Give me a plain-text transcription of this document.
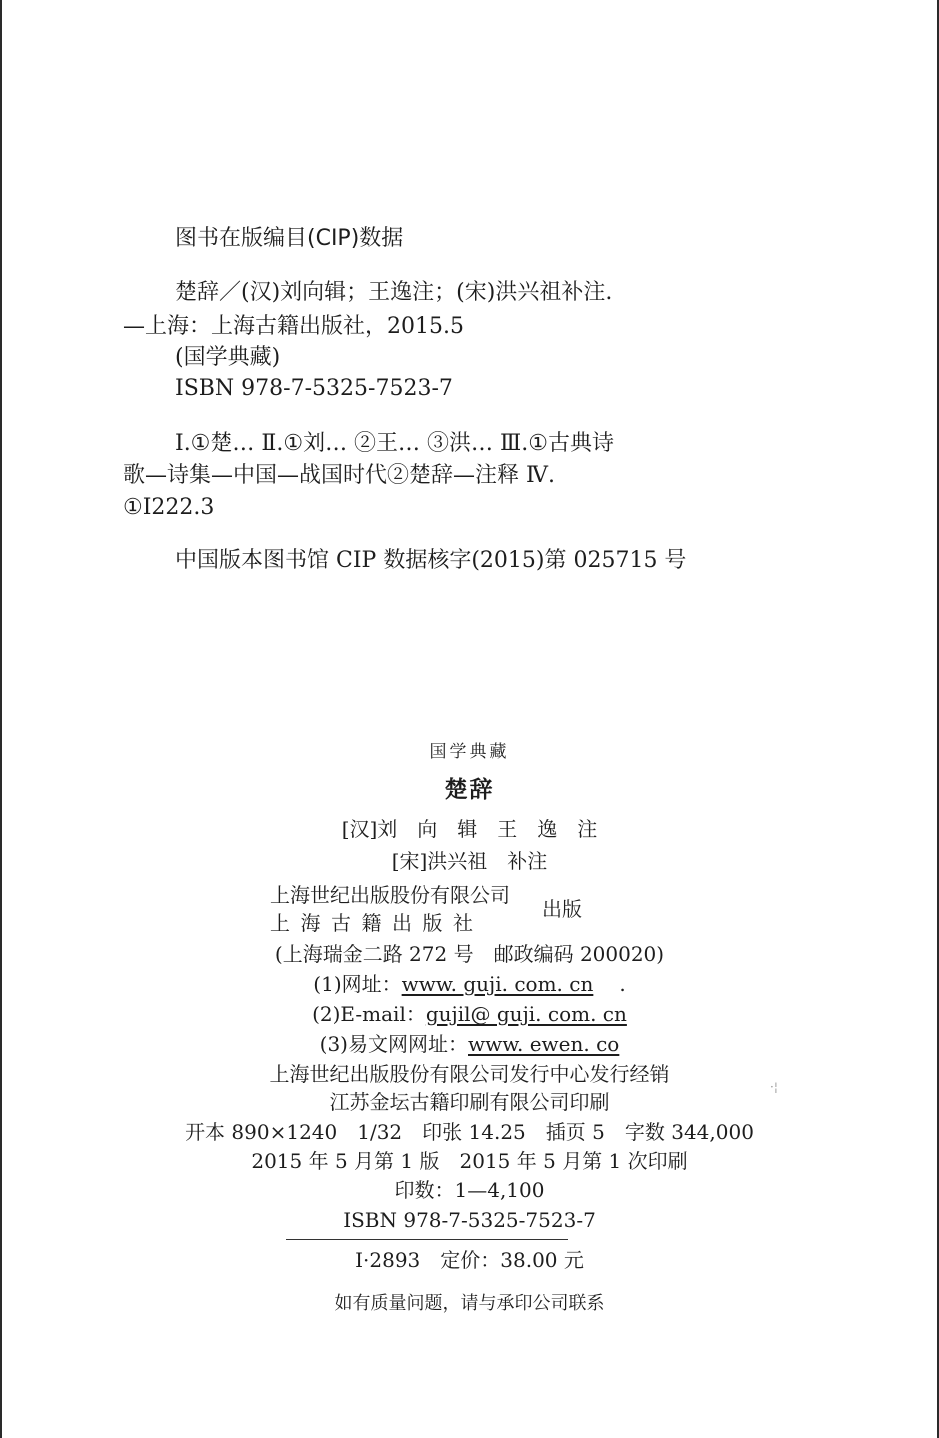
图书在版编目(CIP)数据
楚辞／(汉)刘向辑；王逸注；(宋)洪兴祖补注.
—上海：上海古籍出版社，2015.5
(国学典藏)
ISBN 978-7-5325-7523-7
Ⅰ.①楚… Ⅱ.①刘… ②王… ③洪… Ⅲ.①古典诗
歌—诗集—中国—战国时代②楚辞—注释 Ⅳ.
①I222.3
中国版本图书馆 CIP 数据核字(2015)第 025715 号
国学典藏
楚辞
[汉]刘　向　辑　王　逸　注
[宋]洪兴祖　补注
上海世纪出版股份有限公司
上海古籍出版社
出版
(上海瑞金二路 272 号　邮政编码 200020)
(1)网址：www. guji. com. cn .
(2)E-mail：gujil@ guji. com. cn
(3)易文网网址：www. ewen. co
上海世纪出版股份有限公司发行中心发行经销
江苏金坛古籍印刷有限公司印刷
开本 890×1240　1/32　印张 14.25　插页 5　字数 344,000
2015 年 5 月第 1 版　2015 年 5 月第 1 次印刷
印数：1—4,100
ISBN 978-7-5325-7523-7
I·2893　定价：38.00 元
如有质量问题，请与承印公司联系
·¦
